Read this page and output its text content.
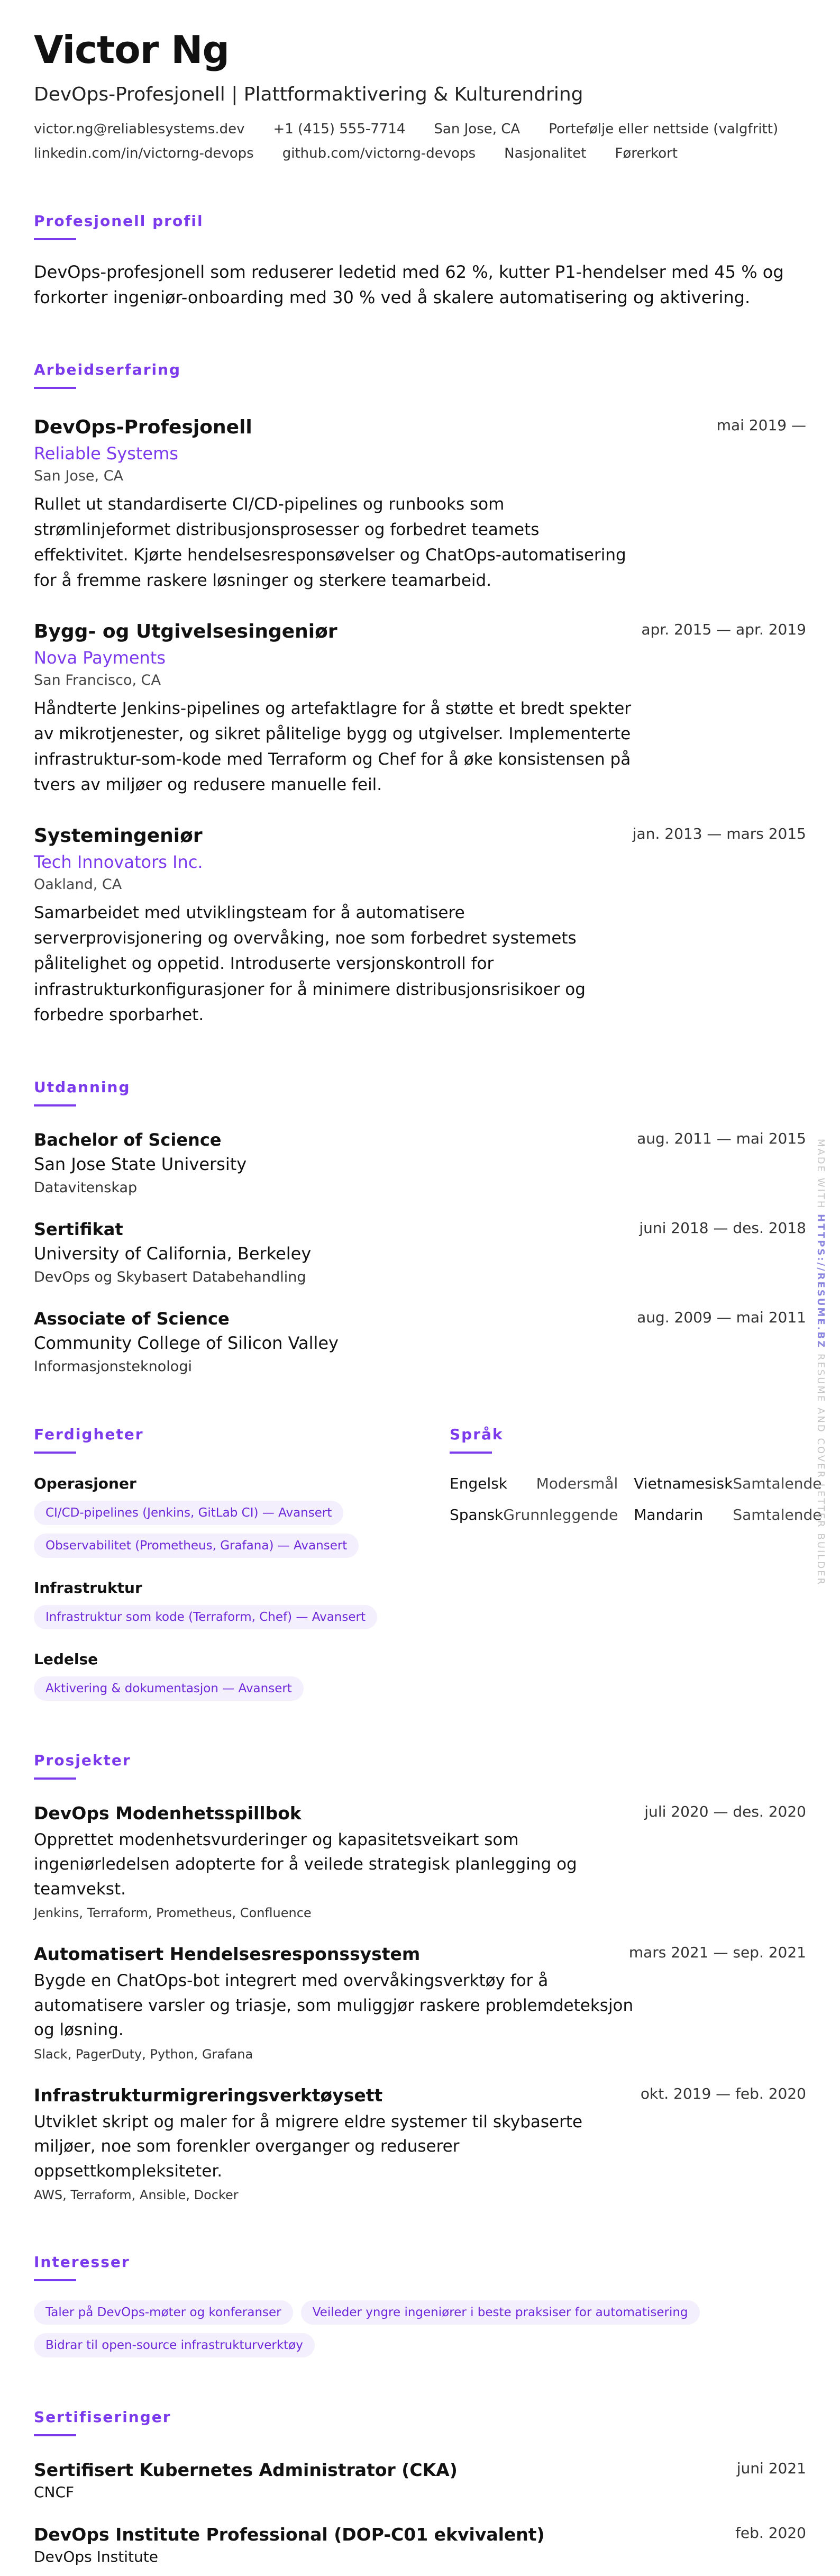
Victor Ng
DevOps-Profesjonell | Plattformaktivering & Kulturendring
victor.ng@reliablesystems.dev +1 (415) 555-7714 San Jose, CA Portefølje eller nettside (valgfritt)
linkedin.com/in/victorng-devops github.com/victorng-devops Nasjonalitet Førerkort
Profesjonell profil
DevOps-profesjonell som reduserer ledetid med 62 %, kutter P1-hendelser med 45 % og forkorter ingeniør-onboarding med 30 % ved å skalere automatisering og aktivering.
Arbeidserfaring
DevOps-Profesjonell	mai 2019 —
Reliable Systems
San Jose, CA
Rullet ut standardiserte CI/CD-pipelines og runbooks som strømlinjeformet distribusjonsprosesser og forbedret teamets effektivitet. Kjørte hendelsesresponsøvelser og ChatOps-automatisering for å fremme raskere løsninger og sterkere teamarbeid.
Bygg- og Utgivelsesingeniør	apr. 2015 — apr. 2019
Nova Payments
San Francisco, CA
Håndterte Jenkins-pipelines og artefaktlagre for å støtte et bredt spekter av mikrotjenester, og sikret pålitelige bygg og utgivelser. Implementerte infrastruktur-som-kode med Terraform og Chef for å øke konsistensen på tvers av miljøer og redusere manuelle feil.
Systemingeniør	jan. 2013 — mars 2015
Tech Innovators Inc.
Oakland, CA
Samarbeidet med utviklingsteam for å automatisere serverprovisjonering og overvåking, noe som forbedret systemets pålitelighet og oppetid. Introduserte versjonskontroll for infrastrukturkonfigurasjoner for å minimere distribusjonsrisikoer og forbedre sporbarhet.
Utdanning
Bachelor of Science	aug. 2011 — mai 2015
San Jose State University
Datavitenskap
Sertifikat	juni 2018 — des. 2018
University of California, Berkeley
DevOps og Skybasert Databehandling
Associate of Science	aug. 2009 — mai 2011
Community College of Silicon Valley
Informasjonsteknologi
Ferdigheter
Operasjoner
CI/CD-pipelines (Jenkins, GitLab CI) — Avansert
Observabilitet (Prometheus, Grafana) — Avansert
Infrastruktur
Infrastruktur som kode (Terraform, Chef) — Avansert
Ledelse
Aktivering & dokumentasjon — Avansert
Språk
Engelsk Modersmål Vietnamesisk Samtalende
Spansk Grunnleggende Mandarin Samtalende
Prosjekter
DevOps Modenhetsspillbok	juli 2020 — des. 2020
Opprettet modenhetsvurderinger og kapasitetsveikart som ingeniørledelsen adopterte for å veilede strategisk planlegging og teamvekst.
Jenkins, Terraform, Prometheus, Confluence
Automatisert Hendelsesresponssystem	mars 2021 — sep. 2021
Bygde en ChatOps-bot integrert med overvåkingsverktøy for å automatisere varsler og triasje, som muliggjør raskere problemdeteksjon og løsning.
Slack, PagerDuty, Python, Grafana
Infrastrukturmigreringsverktøysett	okt. 2019 — feb. 2020
Utviklet skript og maler for å migrere eldre systemer til skybaserte miljøer, noe som forenkler overganger og reduserer oppsettkompleksiteter.
AWS, Terraform, Ansible, Docker
Interesser
Taler på DevOps-møter og konferanser	Veileder yngre ingeniører i beste praksiser for automatisering Bidrar til open-source infrastrukturverktøy
Sertifiseringer
Sertifisert Kubernetes Administrator (CKA)	juni 2021
CNCF
DevOps Institute Professional (DOP-C01 ekvivalent)	feb. 2020
DevOps Institute
MADE WITH HTTPS://RESUME.BZ RESUME AND COVER LETTER BUILDER
